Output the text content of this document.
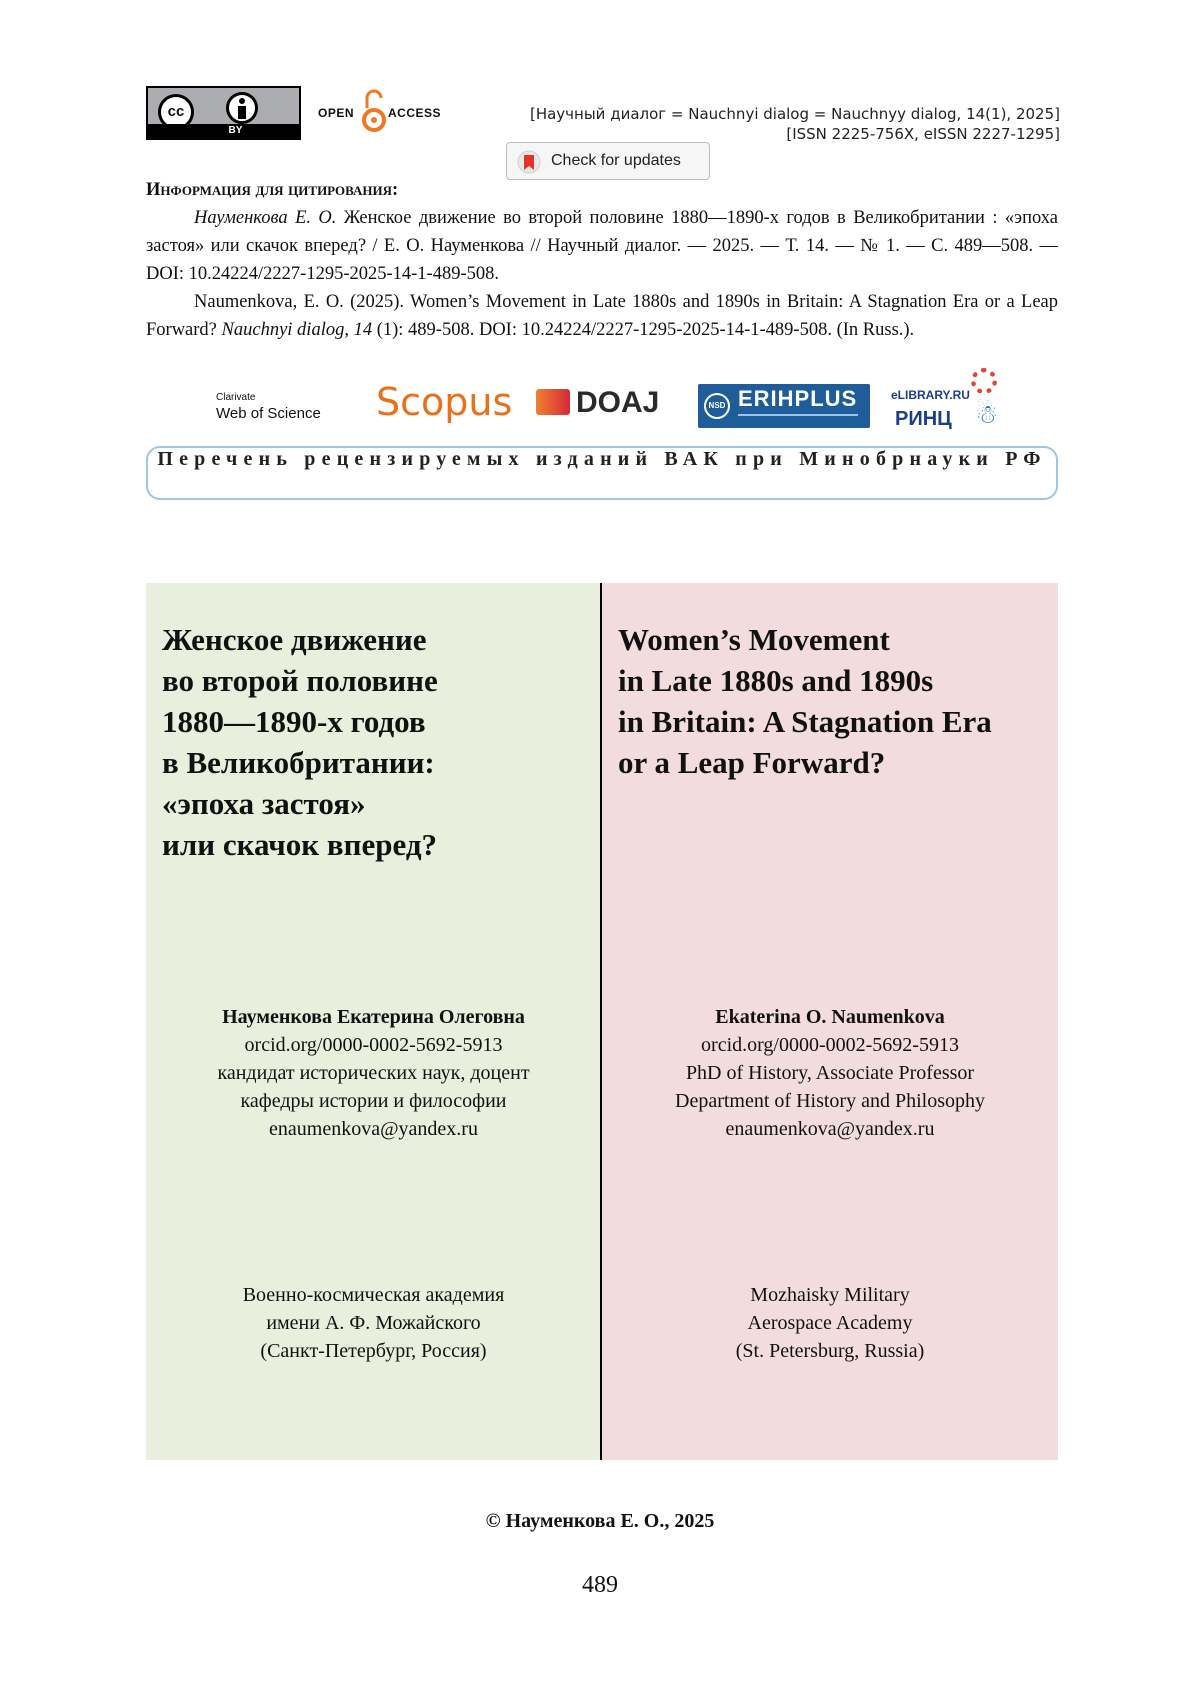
cc
BY
OPEN	ACCESS	[Научный диалог = Nauchnyi dialog = Nauchnyy dialog, 14(1), 2025]
[ISSN 2225-756X, eISSN 2227-1295]
Check for updates
Информация для цитирования:

Науменкова Е. О. Женское движение во второй половине 1880—1890-х годов в Великобритании : «эпоха застоя» или скачок вперед? / Е. О. Науменкова // Научный диалог. — 2025. — Т. 14. — № 1. — С. 489—508. — DOI: 10.24224/2227-1295-2025-14-1-489-508.

Naumenkova, E. O. (2025). Women’s Movement in Late 1880s and 1890s in Britain: A Stagnation Era or a Leap Forward? Nauchnyi dialog, 14 (1): 489-508. DOI: 10.24224/2227-1295-2025-14-1-489-508. (In Russ.).

Clarivate
Web of Science Scopus	DOAJ	NSD ERIHPLUS	eLIBRARY.RU
РИНЦ ☃
Перечень рецензируемых изданий ВАК при Минобрнауки РФ
Женское движение
во второй половине
1880—1890-х годов
в Великобритании:
«эпоха застоя»
или скачок вперед?
Науменкова Екатерина Олеговна
orcid.org/0000-0002-5692-5913
кандидат исторических наук, доцент
кафедры истории и философии
enaumenkova@yandex.ru
Военно-космическая академия
имени А. Ф. Можайского
(Санкт-Петербург, Россия)
Women’s Movement
in Late 1880s and 1890s
in Britain: A Stagnation Era
or a Leap Forward?
Ekaterina O. Naumenkova
orcid.org/0000-0002-5692-5913
PhD of History, Associate Professor
Department of History and Philosophy
enaumenkova@yandex.ru
Mozhaisky Military
Aerospace Academy
(St. Petersburg, Russia)
© Науменкова Е. О., 2025
489
